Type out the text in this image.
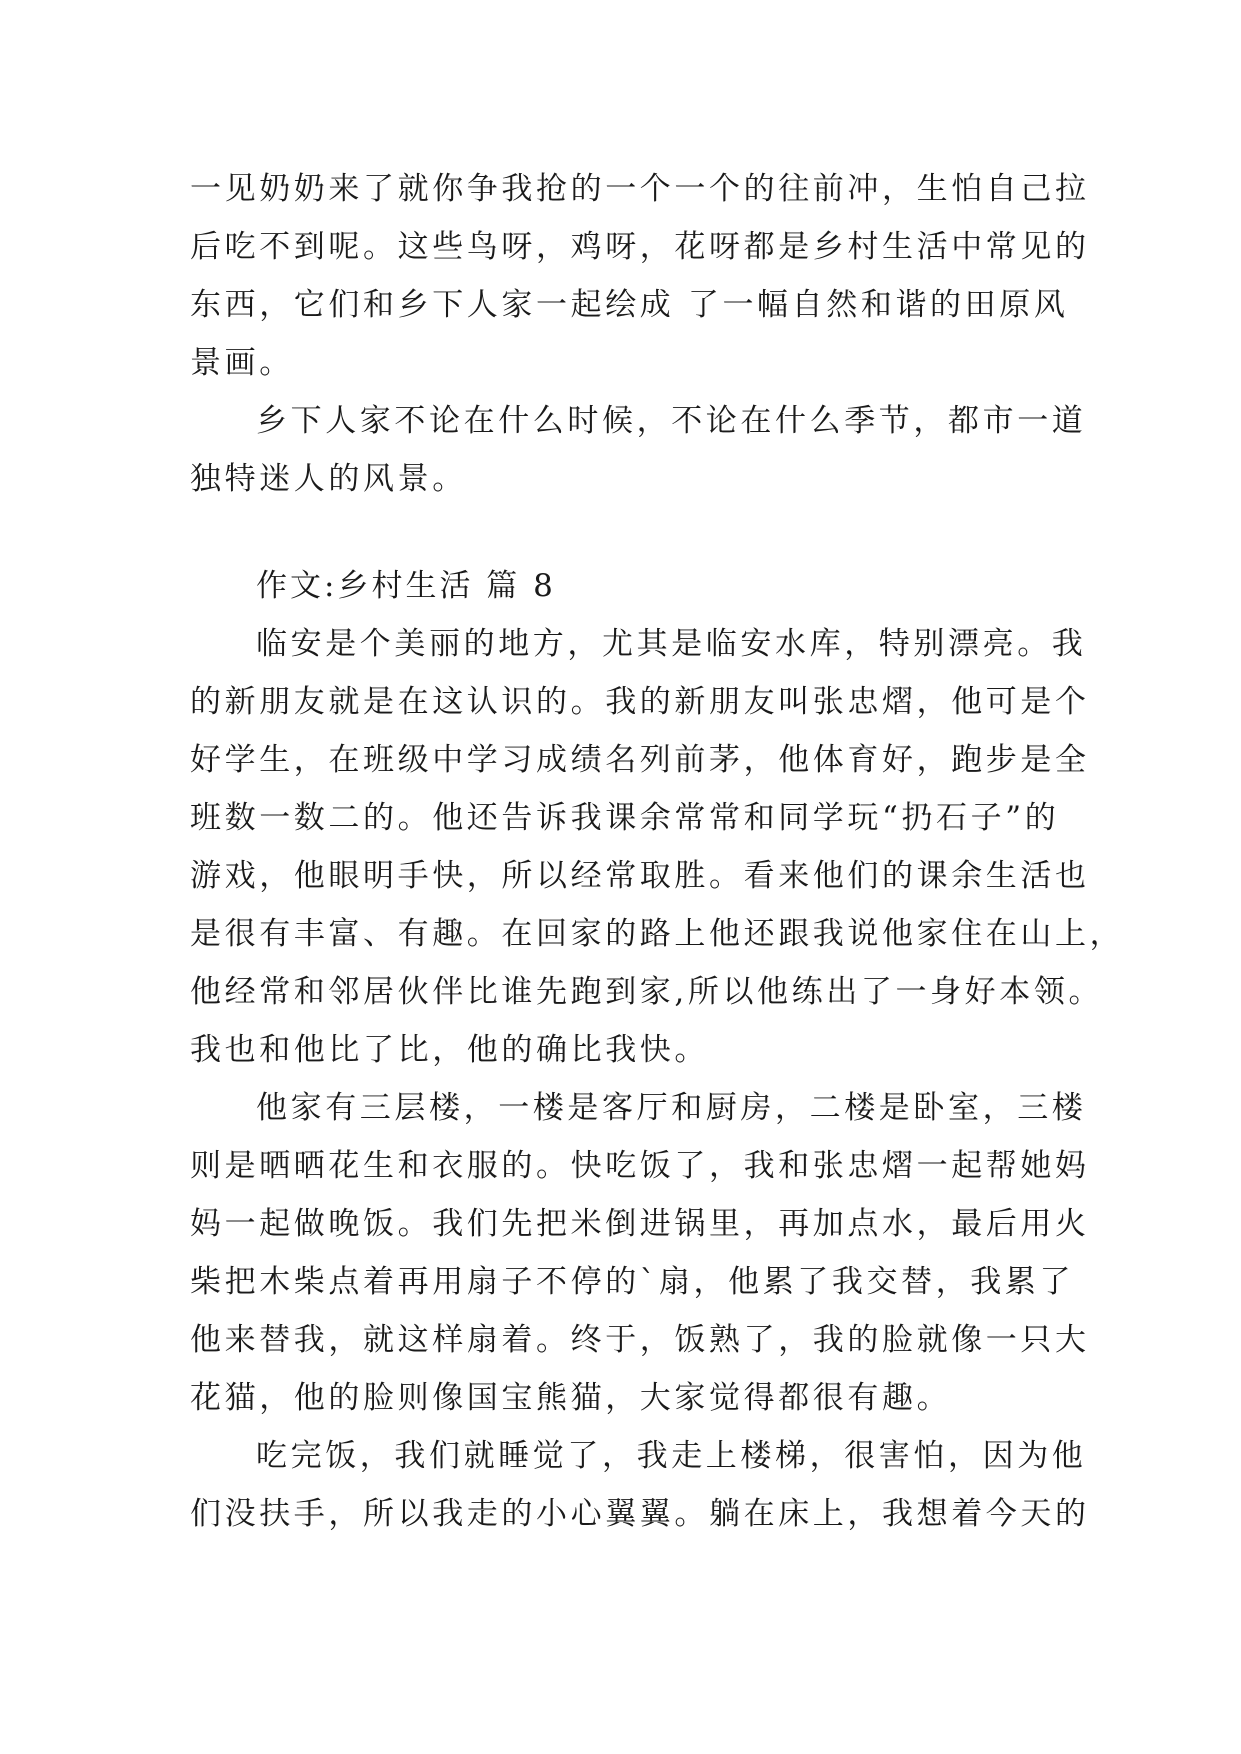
一见奶奶来了就你争我抢的一个一个的往前冲，生怕自己拉
后吃不到呢。这些鸟呀，鸡呀，花呀都是乡村生活中常见的
东西，它们和乡下人家一起绘成 了一幅自然和谐的田原风
景画。
乡下人家不论在什么时候，不论在什么季节，都市一道
独特迷人的风景。
作文:乡村生活 篇 8
临安是个美丽的地方，尤其是临安水库，特别漂亮。我
的新朋友就是在这认识的。我的新朋友叫张忠熠，他可是个
好学生，在班级中学习成绩名列前茅，他体育好，跑步是全
班数一数二的。他还告诉我课余常常和同学玩“扔石子”的
游戏，他眼明手快，所以经常取胜。看来他们的课余生活也
是很有丰富、有趣。在回家的路上他还跟我说他家住在山上，
他经常和邻居伙伴比谁先跑到家,所以他练出了一身好本领。
我也和他比了比，他的确比我快。
他家有三层楼，一楼是客厅和厨房，二楼是卧室，三楼
则是晒晒花生和衣服的。快吃饭了，我和张忠熠一起帮她妈
妈一起做晚饭。我们先把米倒进锅里，再加点水，最后用火
柴把木柴点着再用扇子不停的`扇，他累了我交替，我累了
他来替我，就这样扇着。终于，饭熟了，我的脸就像一只大
花猫，他的脸则像国宝熊猫，大家觉得都很有趣。
吃完饭，我们就睡觉了，我走上楼梯，很害怕，因为他
们没扶手，所以我走的小心翼翼。躺在床上，我想着今天的
